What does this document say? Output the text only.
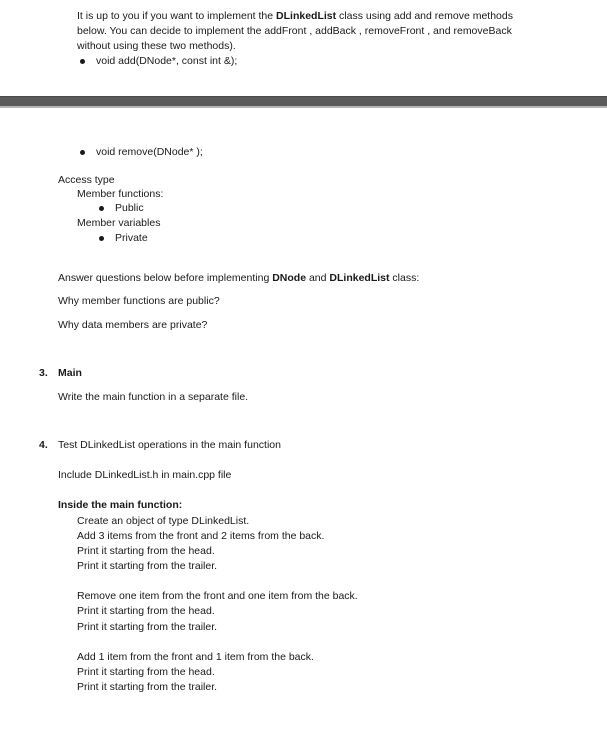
It is up to you if you want to implement the DLinkedList class using add and remove methods
below. You can decide to implement the addFront , addBack , removeFront , and removeBack
without using these two methods).
void add(DNode*, const int &);
void remove(DNode* );
Access type
Member functions:
Public
Member variables
Private
Answer questions below before implementing DNode and DLinkedList class:
Why member functions are public?
Why data members are private?
3. Main
Write the main function in a separate file.
4. Test DLinkedList operations in the main function
Include DLinkedList.h in main.cpp file
Inside the main function:
Create an object of type DLinkedList.
Add 3 items from the front and 2 items from the back.
Print it starting from the head.
Print it starting from the trailer.
Remove one item from the front and one item from the back.
Print it starting from the head.
Print it starting from the trailer.
Add 1 item from the front and 1 item from the back.
Print it starting from the head.
Print it starting from the trailer.
